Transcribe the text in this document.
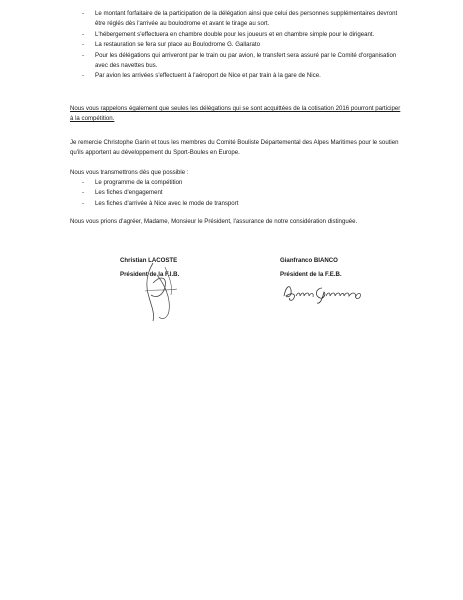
- Le montant forfaitaire de la participation de la délégation ainsi que celui des personnes supplémentaires devront être réglés dès l'arrivée au boulodrome et avant le tirage au sort.
- L'hébergement s'effectuera en chambre double pour les joueurs et en chambre simple pour le dirigeant.
- La restauration se fera sur place au Boulodrome G. Gallarato
- Pour les délégations qui arriveront par le train ou par avion, le transfert sera assuré par le Comité d'organisation avec des navettes bus.
- Par avion les arrivées s'effectuent à l'aéroport de Nice et par train à la gare de Nice.
Nous vous rappelons également que seules les délégations qui se sont acquittées de la cotisation 2016 pourront participer à la compétition.
Je remercie Christophe Garin et tous les membres du Comité Bouliste Départemental des Alpes Maritimes pour le soutien qu'ils apportent au développement du Sport-Boules en Europe.
Nous vous transmettrons dès que possible :
- Le programme de la compétition
- Les fiches d'engagement
- Les fiches d'arrivée à Nice avec le mode de transport
Nous vous prions d'agréer, Madame, Monsieur le Président, l'assurance de notre considération distinguée.
Christian LACOSTE
Président de la F.I.B.
Gianfranco BIANCO
Président de la F.E.B.
